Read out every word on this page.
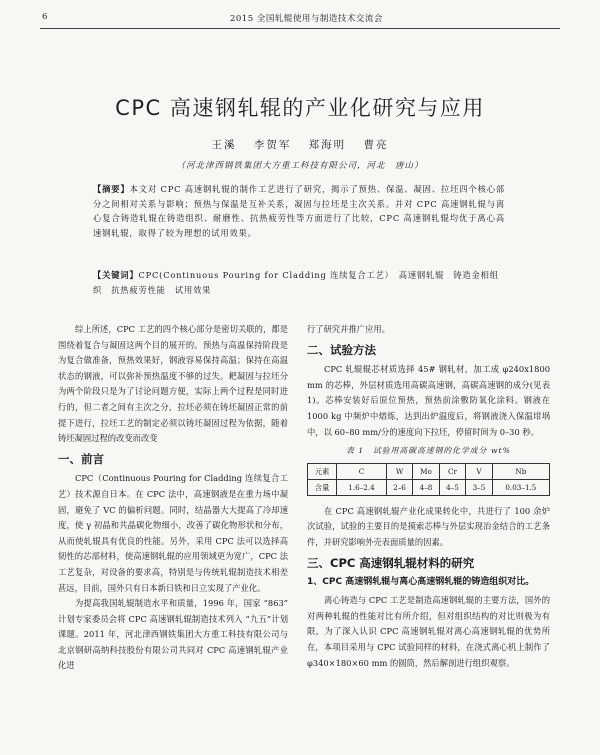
6	2015 全国轧辊使用与制造技术交流会
CPC 高速钢轧辊的产业化研究与应用
王溪 李贺军 郑海明 曹亮
（河北津西钢铁集团大方重工科技有限公司，河北　唐山）
【摘要】本文对 CPC 高速钢轧辊的制作工艺进行了研究，揭示了预热、保温、凝固、拉坯四个核心部分之间相对关系与影响；预热与保温是互补关系，凝固与拉坯是主次关系。并对 CPC 高速钢轧辊与离心复合铸造轧辊在铸造组织、耐磨性、抗热疲劳性等方面进行了比较，CPC 高速钢轧辊均优于离心高速钢轧辊，取得了较为理想的试用效果。
【关键词】CPC(Continuous Pouring for Cladding 连续复合工艺）　高速钢轧辊　铸造金相组织　抗热疲劳性能　试用效果

综上所述，CPC 工艺的四个核心部分是密切关联的，都是围绕着复合与凝固这两个目的展开的。预热与高温保持阶段是为复合做准备，预热效果好，钢液容易保持高温；保持在高温状态的钢液，可以弥补预热温度不够的过失。耙凝固与拉坯分为两个阶段只是为了讨论问题方便，实际上两个过程是同时进行的，但二者之间有主次之分，拉坯必须在铸坯凝固正常的前提下进行，拉坯工艺的制定必须以铸坯凝固过程为依据，随着铸坯凝固过程的改变而改变

一、前言

CPC（Continuous Pouring for Cladding 连续复合工艺）技术源自日本。在 CPC 法中，高速钢液是在重力场中凝固，避免了 VC 的偏析问题。同时，结晶器大大提高了冷却速度，使 γ 初晶和共晶碳化物细小，改善了碳化物形状和分布，从而使轧辊具有优良的性能。另外，采用 CPC 法可以选择高韧性的芯部材料，使高速钢轧辊的应用领域更为宽广，CPC 法工艺复杂，对设备的要求高，特别是与传统轧辊制造技术相差甚远，目前，国外只有日本新日铁和日立实现了产业化。

为提高我国轧辊制造水平和质量，1996 年，国家 “863” 计划专家委员会将 CPC 高速钢轧辊制造技术列入 “九五”计划课题。2011 年，河北津西钢铁集团大方重工科技有限公司与北京钢研高纳科技股份有限公司共同对 CPC 高速钢轧辊产业化进

行了研究并推广应用。

二、试验方法

CPC 轧辊辊芯材质选择 45# 钢轧材，加工成 φ240x1800 mm 的芯棒，外层材质选用高碳高速钢，高碳高速钢的成分(见表 1)。芯棒安装好后原位预热，预热前涂敷防氧化涂料。钢液在 1000 kg 中频炉中熔炼，达到出炉温度后，将钢液浇入保温坩埚中，以 60–80 mm/分的速度向下拉坯，停留时间为 0–30 秒。

表 1　试验用高碳高速钢的化学成分 wt%
元素	C	W	Mo	Cr	V	Nb
含量	1.6–2.4	2–6	4–8	4–5	3–5	0.03–1.5

在 CPC 高速钢轧辊产业化成果转化中，共进行了 100 余炉次试验，试验的主要目的是摸索芯棒与外层实现冶金结合的工艺条件，并研究影响外壳表面质量的因素。

三、CPC 高速钢轧辊材料的研究
1、CPC 高速钢轧辊与离心高速钢轧辊的铸造组织对比。

离心铸造与 CPC 工艺是制造高速钢轧辊的主要方法，国外的对两种轧辊的性能对比有所介绍，但对组织结构的对比则极为有限，为了深入认识 CPC 高速钢轧辊对离心高速钢轧辊的优势所在，本项目采用与 CPC 试验同样的材料，在浇式离心机上制作了 φ340×180×60 mm 的圆筒，然后解剖进行组织观察。
